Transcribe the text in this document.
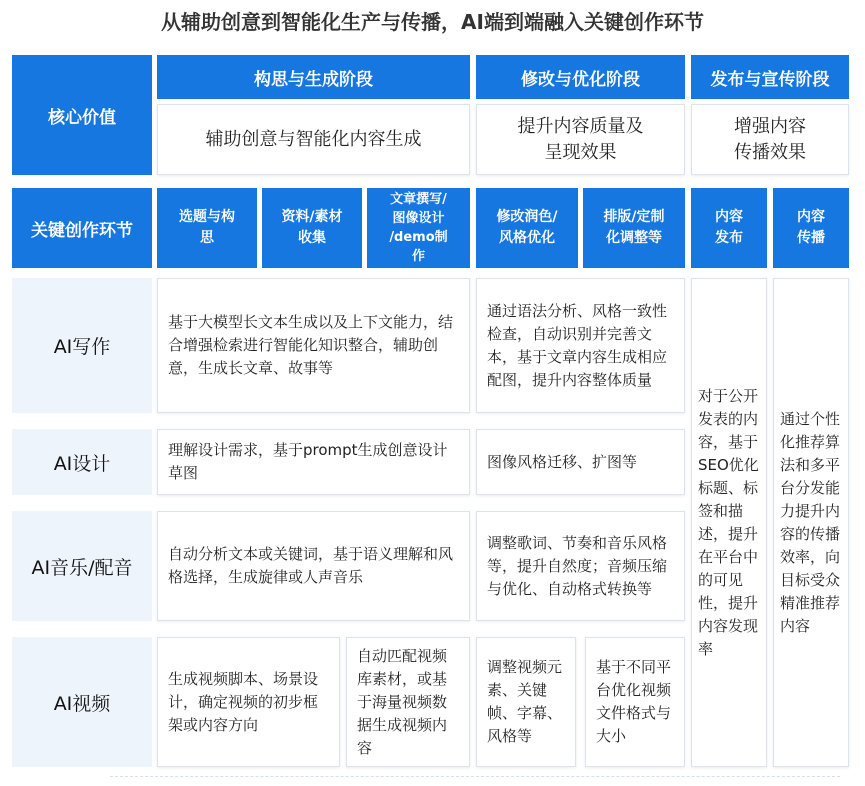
从辅助创意到智能化生产与传播，AI端到端融入关键创作环节
核心价值
构思与生成阶段	修改与优化阶段	发布与宣传阶段
辅助创意与智能化内容生成
提升内容质量及
呈现效果
增强内容
传播效果
关键创作环节
选题与构
思
资料/素材
收集
文章撰写/
图像设计
/demo制
作
修改润色/
风格优化
排版/定制
化调整等
内容
发布
内容
传播
AI写作
AI设计
AI音乐/配音
AI视频
基于大模型长文本生成以及上下文能力，结合增强检索进行智能化知识整合，辅助创意，生成长文章、故事等
通过语法分析、风格一致性检查，自动识别并完善文本，基于文章内容生成相应配图，提升内容整体质量
理解设计需求，基于prompt生成创意设计草图
图像风格迁移、扩图等
自动分析文本或关键词，基于语义理解和风格选择，生成旋律或人声音乐
调整歌词、节奏和音乐风格等，提升自然度；音频压缩与优化、自动格式转换等
生成视频脚本、场景设计，确定视频的初步框架或内容方向
自动匹配视频库素材，或基于海量视频数据生成视频内容
调整视频元素、关键帧、字幕、风格等
基于不同平台优化视频文件格式与大小
对于公开发表的内容，基于SEO优化标题、标签和描述，提升在平台中的可见性，提升内容发现率
通过个性化推荐算法和多平台分发能力提升内容的传播效率，向目标受众精准推荐内容
